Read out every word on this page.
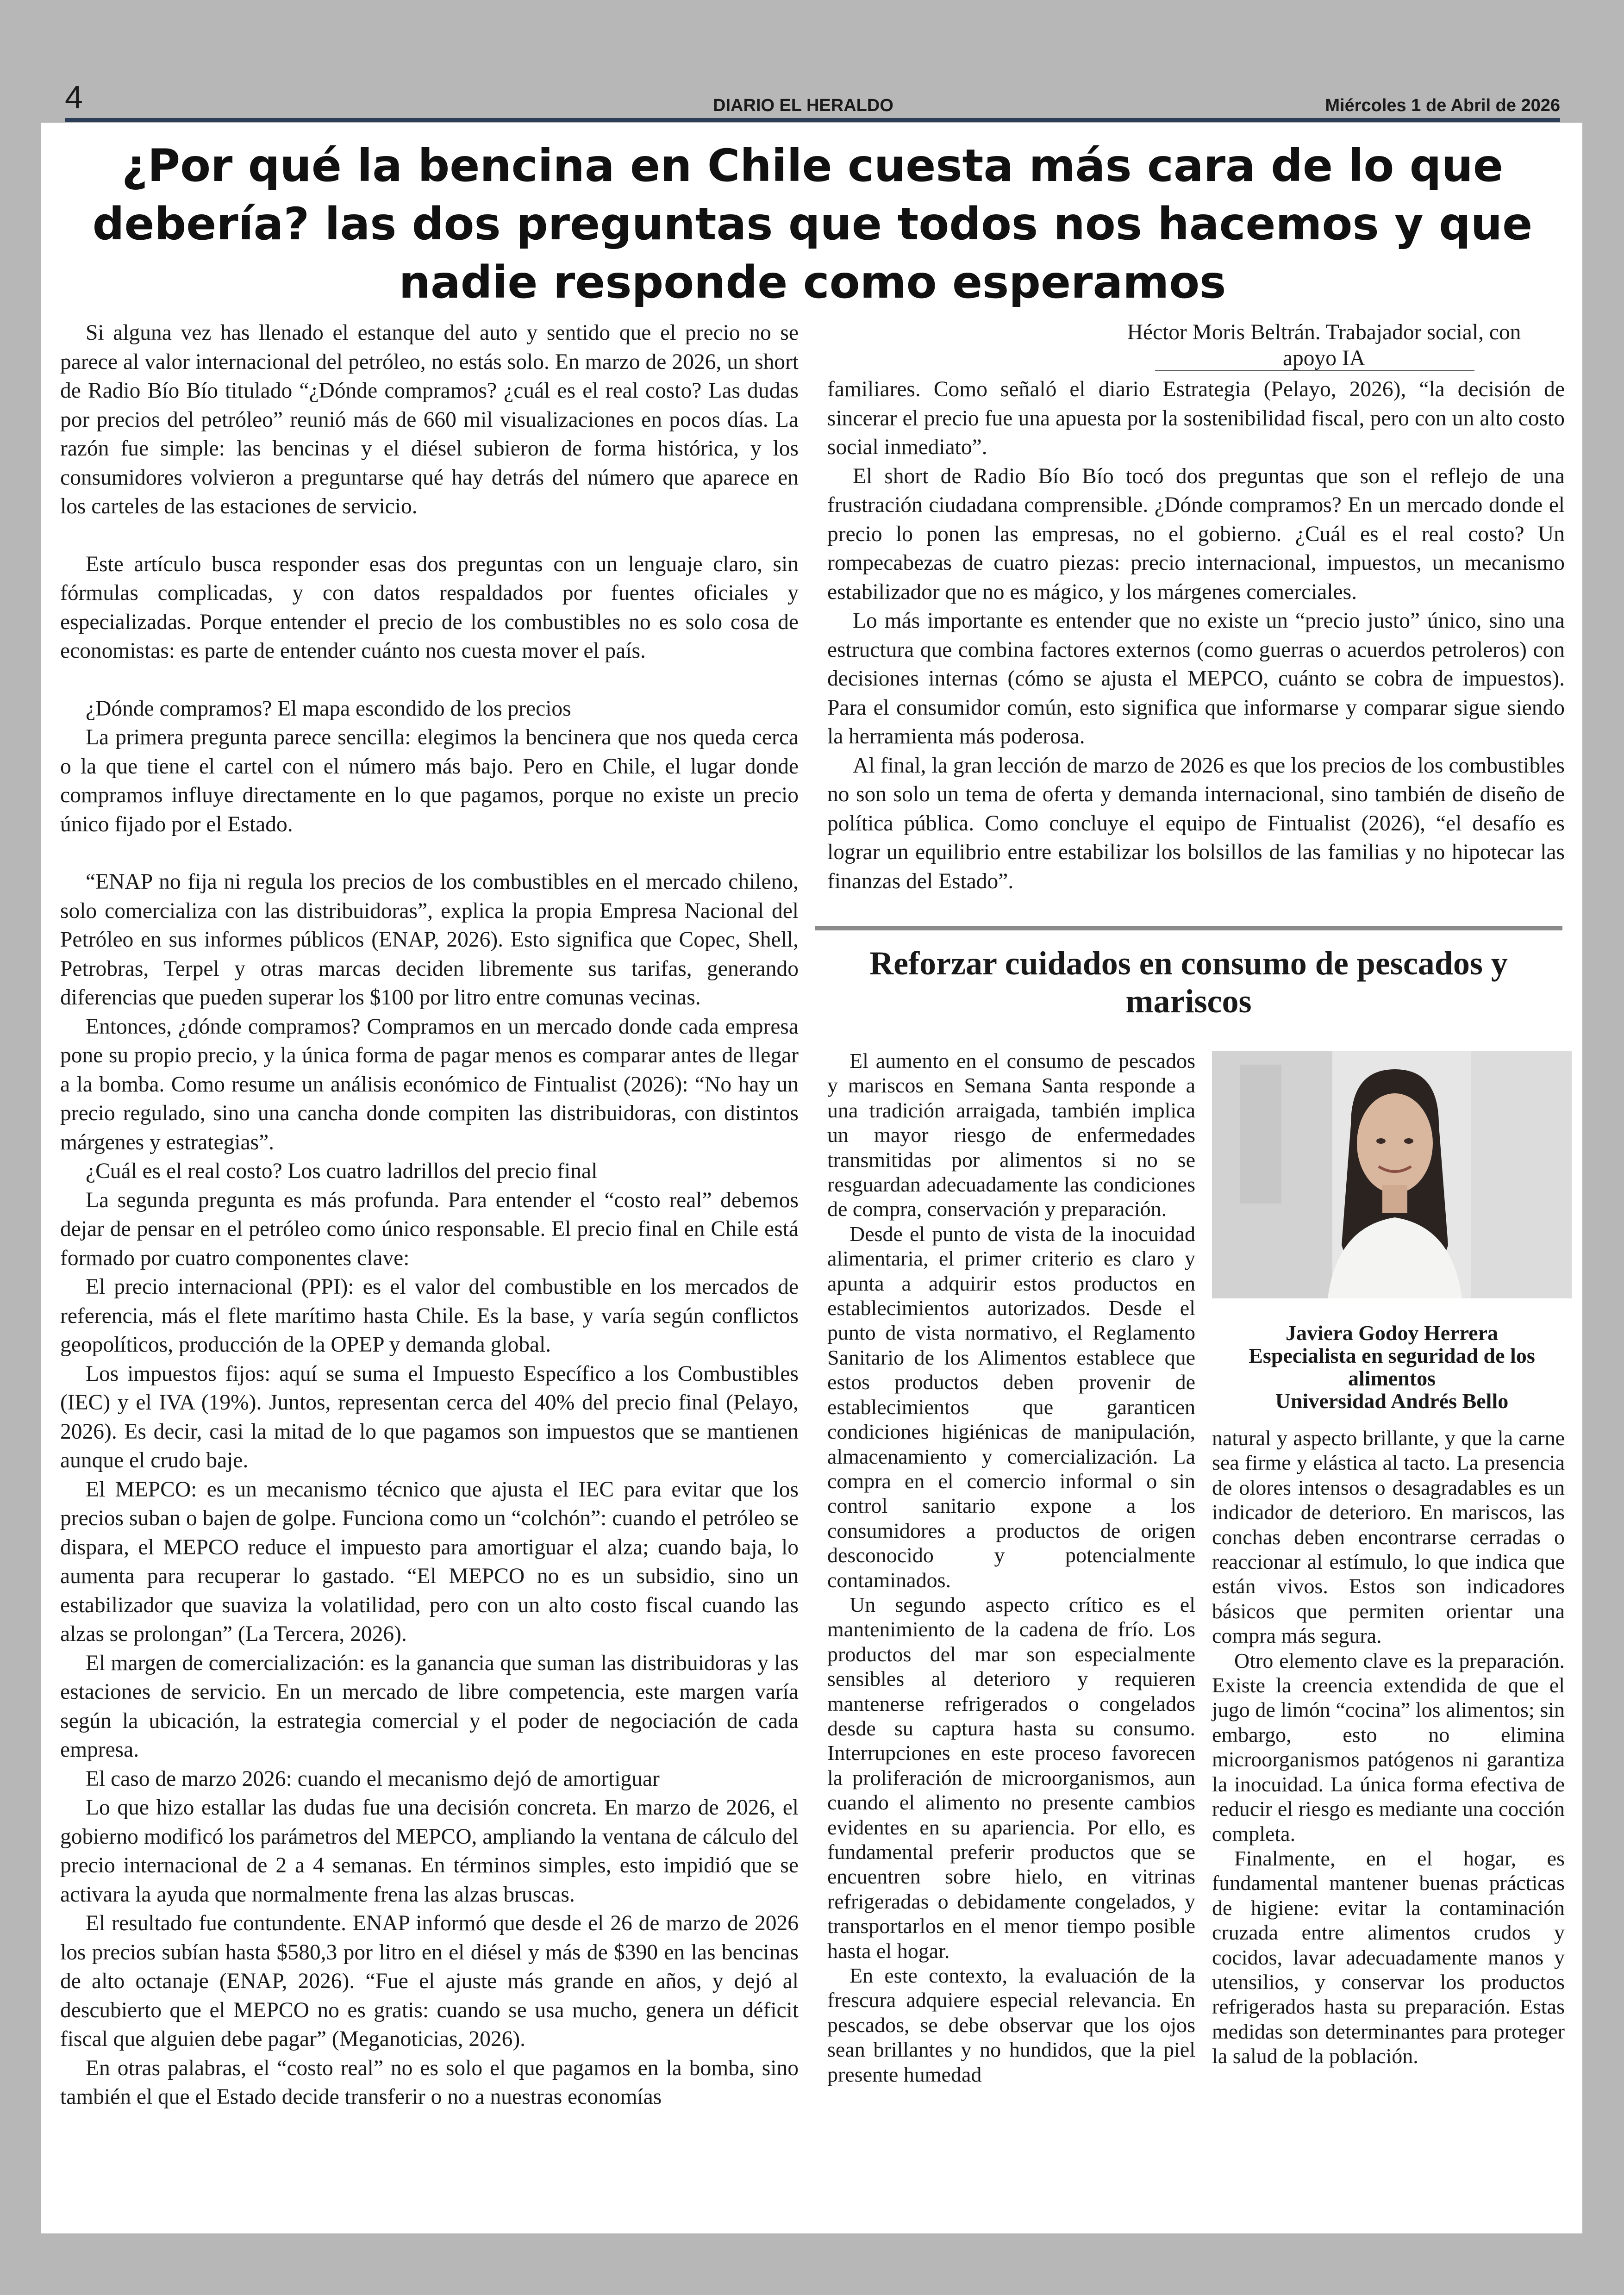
4	DIARIO EL HERALDO	Miércoles 1 de Abril de 2026
¿Por qué la bencina en Chile cuesta más cara de lo que debería? las dos preguntas que todos nos hacemos y que nadie responde como esperamos

Si alguna vez has llenado el estanque del auto y sentido que el precio no se parece al valor internacional del petróleo, no estás solo. En marzo de 2026, un short de Radio Bío Bío titulado “¿Dónde compramos? ¿cuál es el real costo? Las dudas por precios del petróleo” reunió más de 660 mil visualizaciones en pocos días. La razón fue simple: las bencinas y el diésel subieron de forma histórica, y los consumidores volvieron a preguntarse qué hay detrás del número que aparece en los carteles de las estaciones de servicio.

Este artículo busca responder esas dos preguntas con un lenguaje claro, sin fórmulas complicadas, y con datos respaldados por fuentes oficiales y especializadas. Porque entender el precio de los combustibles no es solo cosa de economistas: es parte de entender cuánto nos cuesta mover el país.

¿Dónde compramos? El mapa escondido de los precios

La primera pregunta parece sencilla: elegimos la bencinera que nos queda cerca o la que tiene el cartel con el número más bajo. Pero en Chile, el lugar donde compramos influye directamente en lo que pagamos, porque no existe un precio único fijado por el Estado.

“ENAP no fija ni regula los precios de los combustibles en el mercado chileno, solo comercializa con las distribuidoras”, explica la propia Empresa Nacional del Petróleo en sus informes públicos (ENAP, 2026). Esto significa que Copec, Shell, Petrobras, Terpel y otras marcas deciden libremente sus tarifas, generando diferencias que pueden superar los $100 por litro entre comunas vecinas.

Entonces, ¿dónde compramos? Compramos en un mercado donde cada empresa pone su propio precio, y la única forma de pagar menos es comparar antes de llegar a la bomba. Como resume un análisis económico de Fintualist (2026): “No hay un precio regulado, sino una cancha donde compiten las distribuidoras, con distintos márgenes y estrategias”.

¿Cuál es el real costo? Los cuatro ladrillos del precio final

La segunda pregunta es más profunda. Para entender el “costo real” debemos dejar de pensar en el petróleo como único responsable. El precio final en Chile está formado por cuatro componentes clave:

El precio internacional (PPI): es el valor del combustible en los mercados de referencia, más el flete marítimo hasta Chile. Es la base, y varía según conflictos geopolíticos, producción de la OPEP y demanda global.

Los impuestos fijos: aquí se suma el Impuesto Específico a los Combustibles (IEC) y el IVA (19%). Juntos, representan cerca del 40% del precio final (Pelayo, 2026). Es decir, casi la mitad de lo que pagamos son impuestos que se mantienen aunque el crudo baje.

El MEPCO: es un mecanismo técnico que ajusta el IEC para evitar que los precios suban o bajen de golpe. Funciona como un “colchón”: cuando el petróleo se dispara, el MEPCO reduce el impuesto para amortiguar el alza; cuando baja, lo aumenta para recuperar lo gastado. “El MEPCO no es un subsidio, sino un estabilizador que suaviza la volatilidad, pero con un alto costo fiscal cuando las alzas se prolongan” (La Tercera, 2026).

El margen de comercialización: es la ganancia que suman las distribuidoras y las estaciones de servicio. En un mercado de libre competencia, este margen varía según la ubicación, la estrategia comercial y el poder de negociación de cada empresa.

El caso de marzo 2026: cuando el mecanismo dejó de amortiguar

Lo que hizo estallar las dudas fue una decisión concreta. En marzo de 2026, el gobierno modificó los parámetros del MEPCO, ampliando la ventana de cálculo del precio internacional de 2 a 4 semanas. En términos simples, esto impidió que se activara la ayuda que normalmente frena las alzas bruscas.

El resultado fue contundente. ENAP informó que desde el 26 de marzo de 2026 los precios subían hasta $580,3 por litro en el diésel y más de $390 en las bencinas de alto octanaje (ENAP, 2026). “Fue el ajuste más grande en años, y dejó al descubierto que el MEPCO no es gratis: cuando se usa mucho, genera un déficit fiscal que alguien debe pagar” (Meganoticias, 2026).

En otras palabras, el “costo real” no es solo el que pagamos en la bomba, sino también el que el Estado decide transferir o no a nuestras economías

Héctor Moris Beltrán. Trabajador social, con apoyo IA

familiares. Como señaló el diario Estrategia (Pelayo, 2026), “la decisión de sincerar el precio fue una apuesta por la sostenibilidad fiscal, pero con un alto costo social inmediato”.

El short de Radio Bío Bío tocó dos preguntas que son el reflejo de una frustración ciudadana comprensible. ¿Dónde compramos? En un mercado donde el precio lo ponen las empresas, no el gobierno. ¿Cuál es el real costo? Un rompecabezas de cuatro piezas: precio internacional, impuestos, un mecanismo estabilizador que no es mágico, y los márgenes comerciales.

Lo más importante es entender que no existe un “precio justo” único, sino una estructura que combina factores externos (como guerras o acuerdos petroleros) con decisiones internas (cómo se ajusta el MEPCO, cuánto se cobra de impuestos). Para el consumidor común, esto significa que informarse y comparar sigue siendo la herramienta más poderosa.

Al final, la gran lección de marzo de 2026 es que los precios de los combustibles no son solo un tema de oferta y demanda internacional, sino también de diseño de política pública. Como concluye el equipo de Fintualist (2026), “el desafío es lograr un equilibrio entre estabilizar los bolsillos de las familias y no hipotecar las finanzas del Estado”.

Reforzar cuidados en consumo de pescados y mariscos
Javiera Godoy Herrera
Especialista en seguridad de los alimentos
Universidad Andrés Bello

El aumento en el consumo de pescados y mariscos en Semana Santa responde a una tradición arraigada, también implica un mayor riesgo de enfermedades transmitidas por alimentos si no se resguardan adecuadamente las condiciones de compra, conservación y preparación.

Desde el punto de vista de la inocuidad alimentaria, el primer criterio es claro y apunta a adquirir estos productos en establecimientos autorizados. Desde el punto de vista normativo, el Reglamento Sanitario de los Alimentos establece que estos productos deben provenir de establecimientos que garanticen condiciones higiénicas de manipulación, almacenamiento y comercialización. La compra en el comercio informal o sin control sanitario expone a los consumidores a productos de origen desconocido y potencialmente contaminados.

Un segundo aspecto crítico es el mantenimiento de la cadena de frío. Los productos del mar son especialmente sensibles al deterioro y requieren mantenerse refrigerados o congelados desde su captura hasta su consumo. Interrupciones en este proceso favorecen la proliferación de microorganismos, aun cuando el alimento no presente cambios evidentes en su apariencia. Por ello, es fundamental preferir productos que se encuentren sobre hielo, en vitrinas refrigeradas o debidamente congelados, y transportarlos en el menor tiempo posible hasta el hogar.

En este contexto, la evaluación de la frescura adquiere especial relevancia. En pescados, se debe observar que los ojos sean brillantes y no hundidos, que la piel presente humedad

natural y aspecto brillante, y que la carne sea firme y elástica al tacto. La presencia de olores intensos o desagradables es un indicador de deterioro. En mariscos, las conchas deben encontrarse cerradas o reaccionar al estímulo, lo que indica que están vivos. Estos son indicadores básicos que permiten orientar una compra más segura.

Otro elemento clave es la preparación. Existe la creencia extendida de que el jugo de limón “cocina” los alimentos; sin embargo, esto no elimina microorganismos patógenos ni garantiza la inocuidad. La única forma efectiva de reducir el riesgo es mediante una cocción completa.

Finalmente, en el hogar, es fundamental mantener buenas prácticas de higiene: evitar la contaminación cruzada entre alimentos crudos y cocidos, lavar adecuadamente manos y utensilios, y conservar los productos refrigerados hasta su preparación. Estas medidas son determinantes para proteger la salud de la población.
